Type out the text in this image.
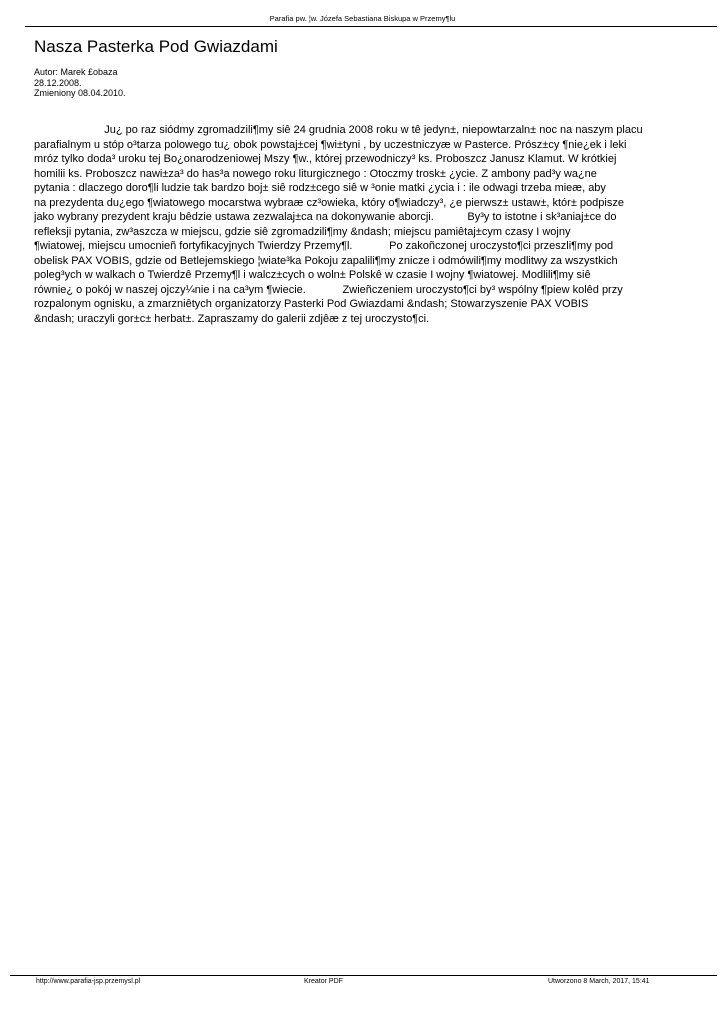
Parafia pw. ¦w. Józefa Sebastiana Biskupa w Przemy¶lu
Nasza Pasterka Pod Gwiazdami
Autor: Marek £obaza
28.12.2008.
Zmieniony 08.04.2010.
Ju¿ po raz siódmy zgromadzili¶my siê 24 grudnia 2008 roku w tê jedyn±, niepowtarzaln± noc na naszym placu
parafialnym u stóp o³tarza polowego tu¿ obok powstaj±cej ¶wi±tyni , by uczestniczyæ w Pasterce. Prósz±cy ¶nie¿ek i leki
mróz tylko doda³ uroku tej Bo¿onarodzeniowej Mszy ¶w., której przewodniczy³ ks. Proboszcz Janusz Klamut. W krótkiej
homilii ks. Proboszcz nawi±za³ do has³a nowego roku liturgicznego : Otoczmy trosk± ¿ycie. Z ambony pad³y wa¿ne
pytania : dlaczego doro¶li ludzie tak bardzo boj± siê rodz±cego siê w ³onie matki ¿ycia i : ile odwagi trzeba mieæ, aby
na prezydenta du¿ego ¶wiatowego mocarstwa wybraæ cz³owieka, który o¶wiadczy³, ¿e pierwsz± ustaw±, któr± podpisze
jako wybrany prezydent kraju bêdzie ustawa zezwalaj±ca na dokonywanie aborcji.           By³y to istotne i sk³aniaj±ce do
refleksji pytania, zw³aszcza w miejscu, gdzie siê zgromadzili¶my &ndash; miejscu pamiêtaj±cym czasy I wojny
¶wiatowej, miejscu umocnieñ fortyfikacyjnych Twierdzy Przemy¶l.            Po zakoñczonej uroczysto¶ci przeszli¶my pod
obelisk PAX VOBIS, gdzie od Betlejemskiego ¦wiate³ka Pokoju zapalili¶my znicze i odmówili¶my modlitwy za wszystkich
poleg³ych w walkach o Twierdzê Przemy¶l i walcz±cych o woln± Polskê w czasie I wojny ¶wiatowej. Modlili¶my siê
równie¿ o pokój w naszej ojczy¼nie i na ca³ym ¶wiecie.            Zwieñczeniem uroczysto¶ci by³ wspólny ¶piew kolêd przy
rozpalonym ognisku, a zmarzniêtych organizatorzy Pasterki Pod Gwiazdami &ndash; Stowarzyszenie PAX VOBIS
&ndash; uraczyli gor±c± herbat±. Zapraszamy do galerii zdjêæ z tej uroczysto¶ci.
http://www.parafia-jsp.przemysl.pl	Kreator PDF	Utworzono 8 March, 2017, 15:41
